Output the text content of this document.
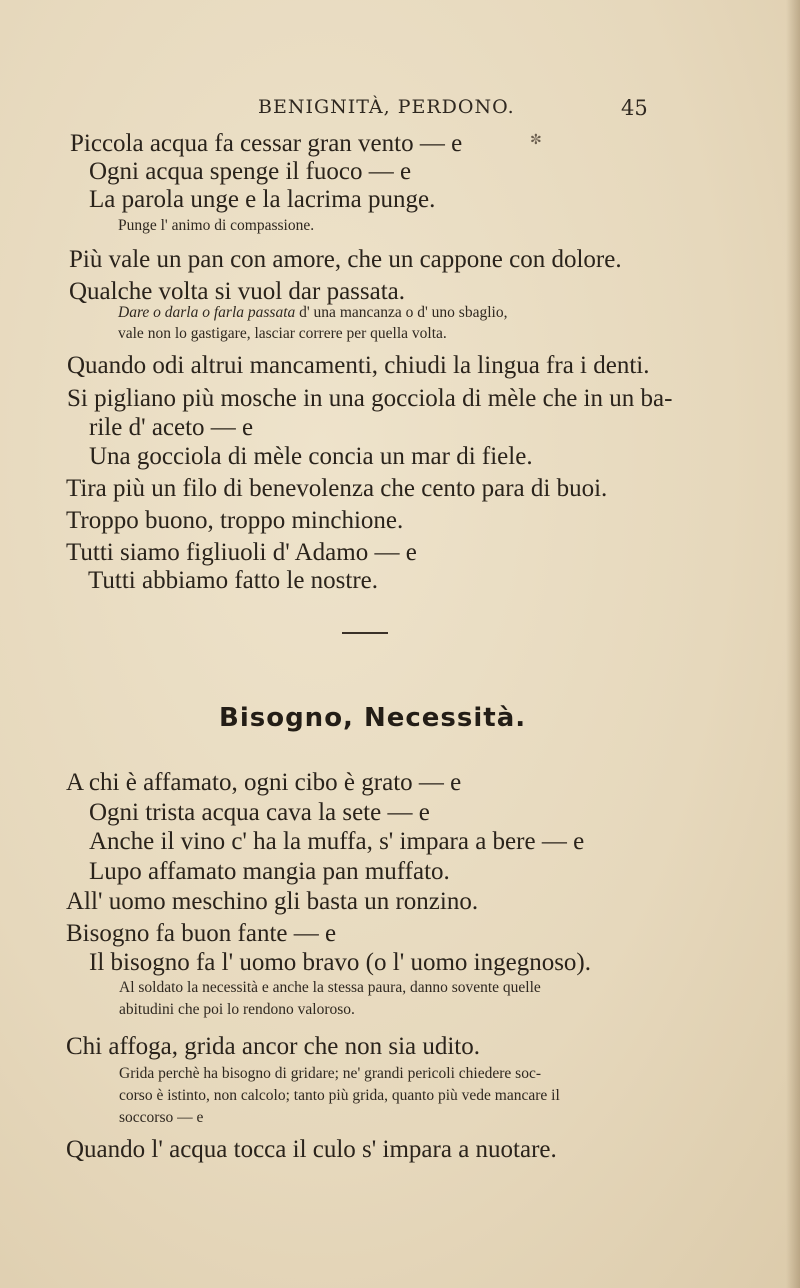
BENIGNITÀ, PERDONO.	45
✼
Piccola acqua fa cessar gran vento — e
Ogni acqua spenge il fuoco — e
La parola unge e la lacrima punge.
Punge l' animo di compassione.
Più vale un pan con amore, che un cappone con dolore.
Qualche volta si vuol dar passata.
Dare o darla o farla passata d' una mancanza o d' uno sbaglio,
vale non lo gastigare, lasciar correre per quella volta.
Quando odi altrui mancamenti, chiudi la lingua fra i denti.
Si pigliano più mosche in una gocciola di mèle che in un ba-
rile d' aceto — e
Una gocciola di mèle concia un mar di fiele.
Tira più un filo di benevolenza che cento para di buoi.
Troppo buono, troppo minchione.
Tutti siamo figliuoli d' Adamo — e
Tutti abbiamo fatto le nostre.
Bisogno, Necessità.
A chi è affamato, ogni cibo è grato — e
Ogni trista acqua cava la sete — e
Anche il vino c' ha la muffa, s' impara a bere — e
Lupo affamato mangia pan muffato.
All' uomo meschino gli basta un ronzino.
Bisogno fa buon fante — e
Il bisogno fa l' uomo bravo (o l' uomo ingegnoso).
Al soldato la necessità e anche la stessa paura, danno sovente quelle
abitudini che poi lo rendono valoroso.
Chi affoga, grida ancor che non sia udito.
Grida perchè ha bisogno di gridare; ne' grandi pericoli chiedere soc-
corso è istinto, non calcolo; tanto più grida, quanto più vede mancare il
soccorso — e
Quando l' acqua tocca il culo s' impara a nuotare.
